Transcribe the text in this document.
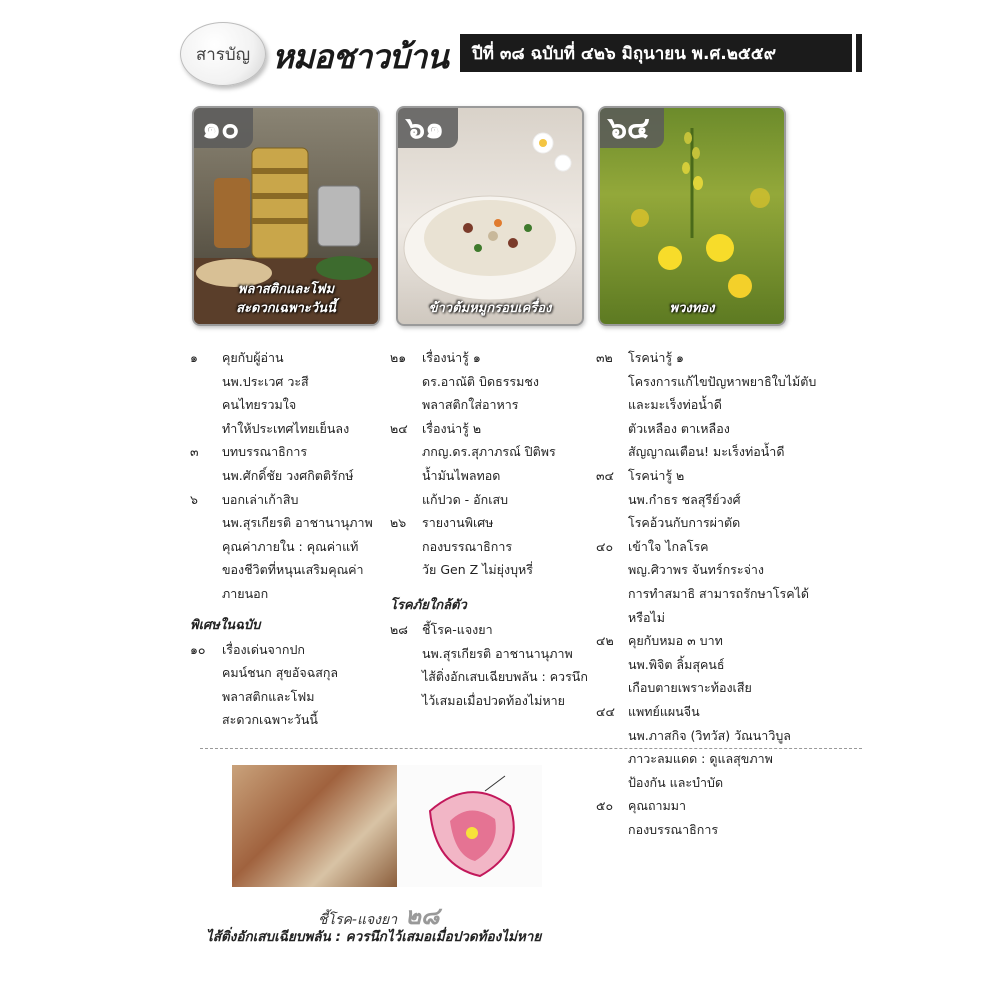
สารบัญ หมอชาวบ้าน	ปีที่ ๓๘ ฉบับที่ ๔๒๖ มิถุนายน พ.ศ.๒๕๕๙
๑๐
พลาสติกและโฟม
สะดวกเฉพาะวันนี้
๖๑
ข้าวต้มหมูกรอบเครื่อง
๖๔
พวงทอง
๑	คุยกับผู้อ่าน
นพ.ประเวศ วะสี
คนไทยรวมใจ
ทำให้ประเทศไทยเย็นลง
๓	บทบรรณาธิการ
นพ.ศักดิ์ชัย วงศกิตติรักษ์
๖	บอกเล่าเก้าสิบ
นพ.สุรเกียรติ อาชานานุภาพ
คุณค่าภายใน : คุณค่าแท้
ของชีวิตที่หนุนเสริมคุณค่า
ภายนอก
พิเศษในฉบับ
๑๐	เรื่องเด่นจากปก
คมน์ชนก สุขอัจฉสกุล
พลาสติกและโฟม
สะดวกเฉพาะวันนี้
๒๑	เรื่องน่ารู้ ๑
ดร.อาณัติ บิดธรรมชง
พลาสติกใส่อาหาร
๒๔	เรื่องน่ารู้ ๒
ภกญ.ดร.สุภาภรณ์ ปิติพร
น้ำมันไพลทอด
แก้ปวด - อักเสบ
๒๖	รายงานพิเศษ
กองบรรณาธิการ
วัย Gen Z ไม่ยุ่งบุหรี่
โรคภัยใกล้ตัว
๒๘	ชี้โรค-แจงยา
นพ.สุรเกียรติ อาชานานุภาพ
ไส้ติ่งอักเสบเฉียบพลัน : ควรนึก
ไว้เสมอเมื่อปวดท้องไม่หาย
๓๒	โรคน่ารู้ ๑
โครงการแก้ไขปัญหาพยาธิใบไม้ตับ
และมะเร็งท่อน้ำดี
ตัวเหลือง ตาเหลือง
สัญญาณเตือน! มะเร็งท่อน้ำดี
๓๔	โรคน่ารู้ ๒
นพ.กำธร ชลสุรีย์วงศ์
โรคอ้วนกับการผ่าตัด
๔๐	เข้าใจ ไกลโรค
พญ.ศิวาพร จันทร์กระจ่าง
การทำสมาธิ สามารถรักษาโรคได้
หรือไม่
๔๒	คุยกับหมอ ๓ บาท
นพ.พิจิต ลิ้มสุคนธ์
เกือบตายเพราะท้องเสีย
๔๔	แพทย์แผนจีน
นพ.ภาสกิจ (วิทวัส) วัณนาวิบูล
ภาวะลมแดด : ดูแลสุขภาพ
ป้องกัน และบำบัด
๕๐	คุณถามมา
กองบรรณาธิการ
ชี้โรค-แจงยา ๒๘
ไส้ติ่งอักเสบเฉียบพลัน : ควรนึกไว้เสมอเมื่อปวดท้องไม่หาย
